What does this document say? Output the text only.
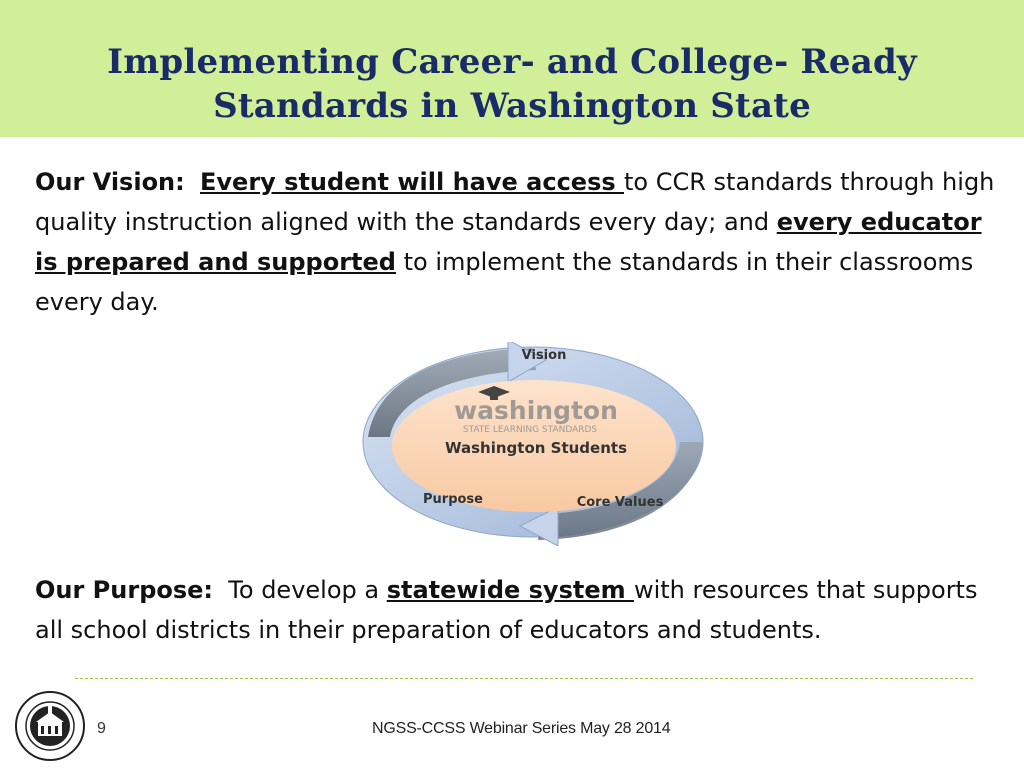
Implementing Career- and College- Ready
Standards in Washington State
Our Vision: Every student will have access to CCR standards through high quality instruction aligned with the standards every day; and every educator is prepared and supported to implement the standards in their classrooms every day.
washington
STATE LEARNING STANDARDS
Washington Students
Vision
Purpose	Core Values
Our Purpose: To develop a statewide system with resources that supports all school districts in their preparation of educators and students.
9	NGSS-CCSS Webinar Series May 28 2014
